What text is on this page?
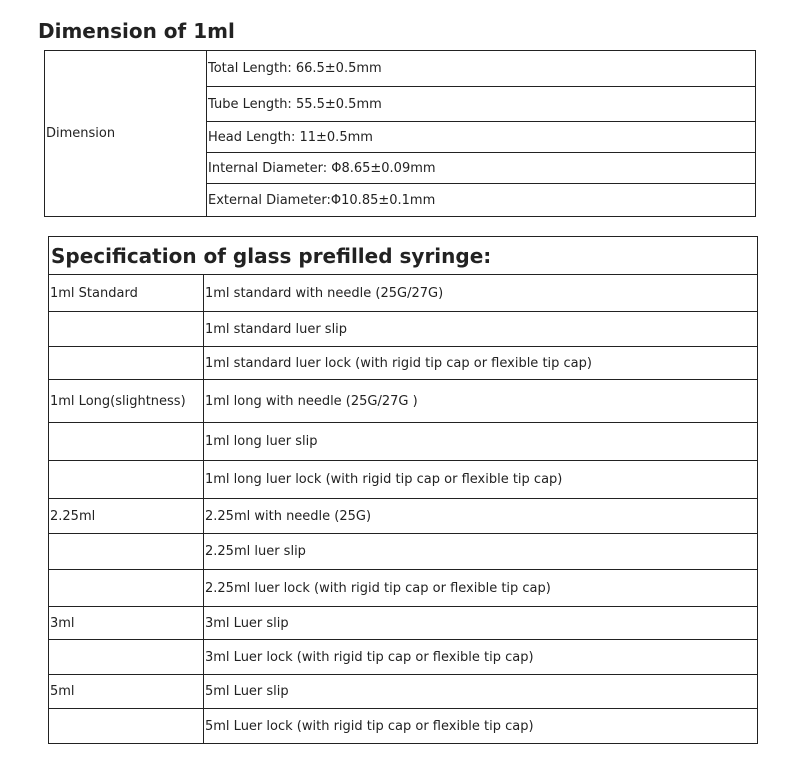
Dimension of 1ml
Dimension	Total Length: 66.5±0.5mm
Tube Length: 55.5±0.5mm
Head Length: 11±0.5mm
Internal Diameter: Φ8.65±0.09mm
External Diameter:Φ10.85±0.1mm
Specification of glass prefilled syringe:	
1ml Standard	1ml standard with needle (25G/27G)
	1ml standard luer slip
	1ml standard luer lock (with rigid tip cap or flexible tip cap)
1ml Long(slightness)	1ml long with needle (25G/27G )
	1ml long luer slip
	1ml long luer lock (with rigid tip cap or flexible tip cap)
2.25ml	2.25ml with needle (25G)
	2.25ml luer slip
	2.25ml luer lock (with rigid tip cap or flexible tip cap)
3ml	3ml Luer slip
	3ml Luer lock (with rigid tip cap or flexible tip cap)
5ml	5ml Luer slip
	5ml Luer lock (with rigid tip cap or flexible tip cap)
